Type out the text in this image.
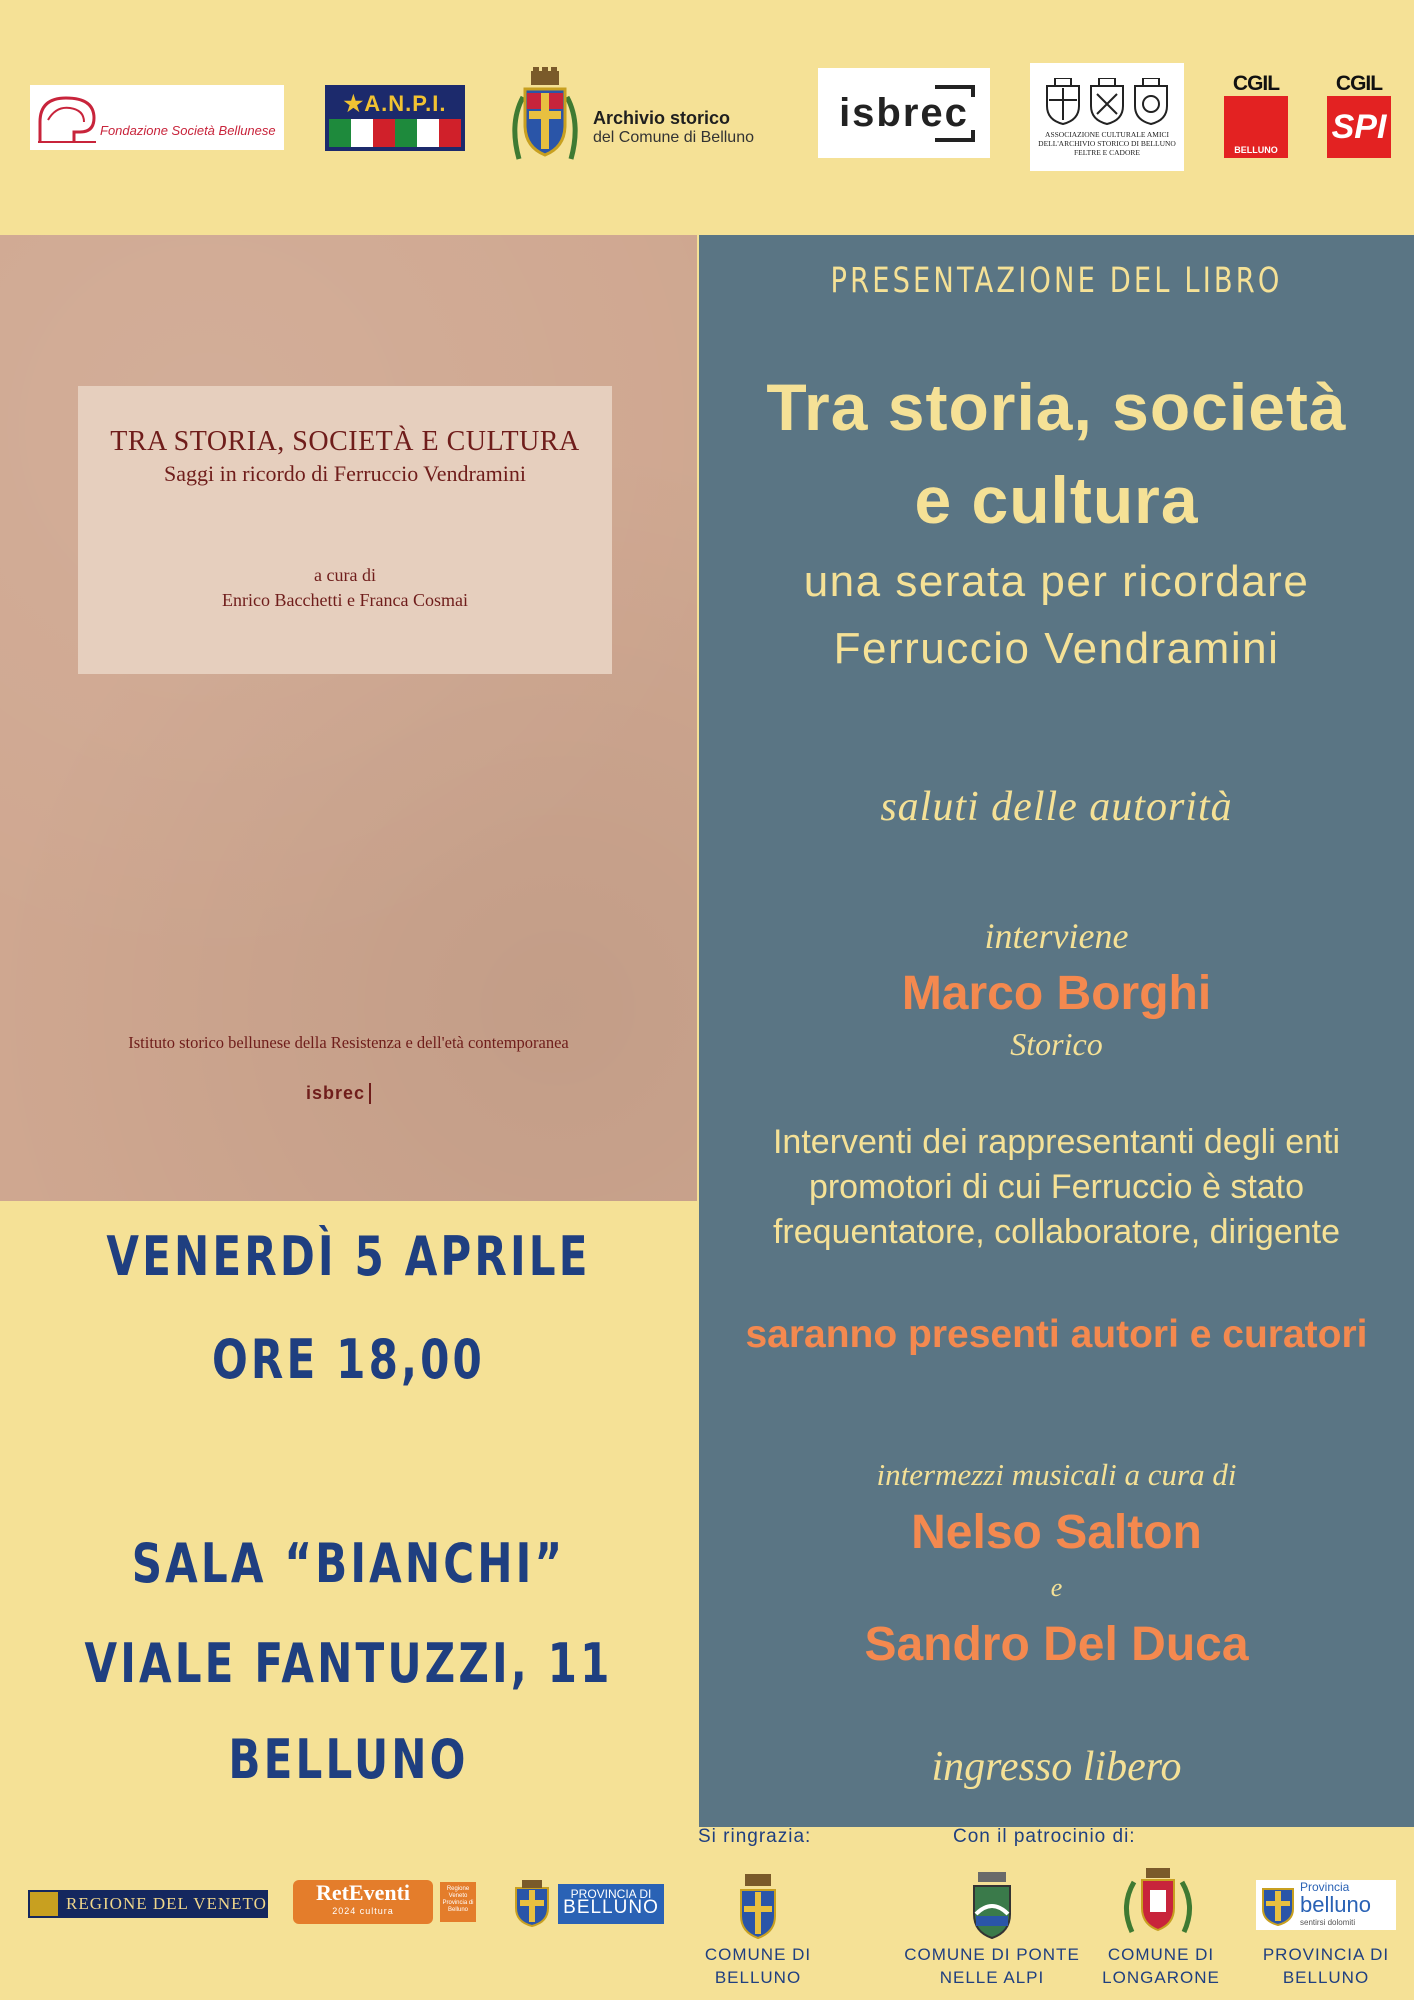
Fondazione Società Bellunese
★A.N.P.I.
Archivio storico
del Comune di Belluno
isbrec	ASSOCIAZIONE CULTURALE AMICI DELL'ARCHIVIO STORICO DI BELLUNO FELTRE E CADORE
CGIL
BELLUNO
CGIL
SPI
TRA STORIA, SOCIETÀ E CULTURA
Saggi in ricordo di Ferruccio Vendramini
a cura di
Enrico Bacchetti e Franca Cosmai
Istituto storico bellunese della Resistenza e dell'età contemporanea
isbrec
VENERDÌ 5 APRILE
ORE 18,00
SALA “BIANCHI”
VIALE FANTUZZI, 11
BELLUNO
PRESENTAZIONE DEL LIBRO
Tra storia, società
e cultura
una serata per ricordare
Ferruccio Vendramini
saluti delle autorità
interviene
Marco Borghi
Storico
Interventi dei rappresentanti degli enti promotori di cui Ferruccio è stato frequentatore, collaboratore, dirigente
saranno presenti autori e curatori
intermezzi musicali a cura di
Nelso Salton
e
Sandro Del Duca
ingresso libero
Si ringrazia:	Con il patrocinio di:
REGIONE DEL VENETO	RetEventi
2024 cultura
Regione Veneto Provincia di Belluno
PROVINCIA DI
BELLUNO
COMUNE DI BELLUNO
COMUNE DI PONTE NELLE ALPI
COMUNE DI LONGARONE
Provincia
belluno
sentirsi dolomiti
PROVINCIA DI BELLUNO
